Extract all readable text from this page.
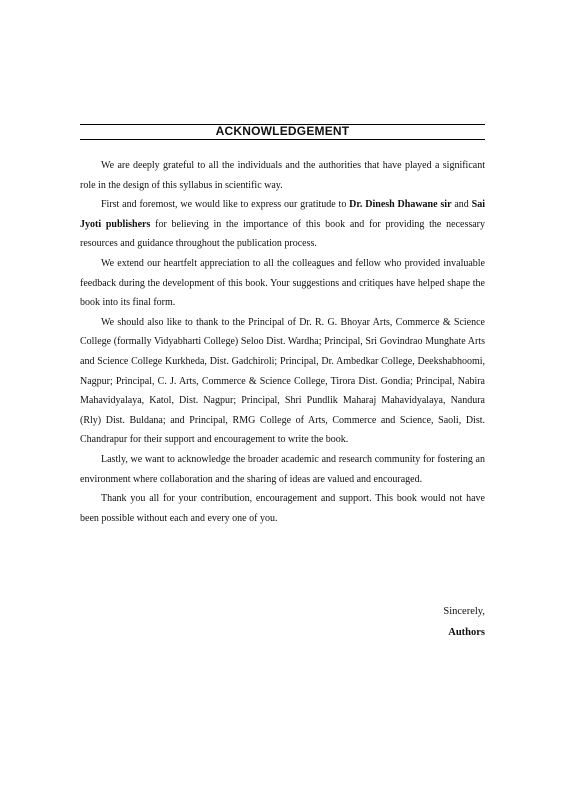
ACKNOWLEDGEMENT

We are deeply grateful to all the individuals and the authorities that have played a significant role in the design of this syllabus in scientific way.

First and foremost, we would like to express our gratitude to Dr. Dinesh Dhawane sir and Sai Jyoti publishers for believing in the importance of this book and for providing the necessary resources and guidance throughout the publication process.

We extend our heartfelt appreciation to all the colleagues and fellow who provided invaluable feedback during the development of this book. Your suggestions and critiques have helped shape the book into its final form.

We should also like to thank to the Principal of Dr. R. G. Bhoyar Arts, Commerce & Science College (formally Vidyabharti College) Seloo Dist. Wardha; Principal, Sri Govindrao Munghate Arts and Science College Kurkheda, Dist. Gadchiroli; Principal, Dr. Ambedkar College, Deekshabhoomi, Nagpur; Principal, C. J. Arts, Commerce & Science College, Tirora Dist. Gondia; Principal, Nabira Mahavidyalaya, Katol, Dist. Nagpur; Principal, Shri Pundlik Maharaj Mahavidyalaya, Nandura (Rly) Dist. Buldana; and Principal, RMG College of Arts, Commerce and Science, Saoli, Dist. Chandrapur for their support and encouragement to write the book.

Lastly, we want to acknowledge the broader academic and research community for fostering an environment where collaboration and the sharing of ideas are valued and encouraged.

Thank you all for your contribution, encouragement and support. This book would not have been possible without each and every one of you.

Sincerely,
Authors
